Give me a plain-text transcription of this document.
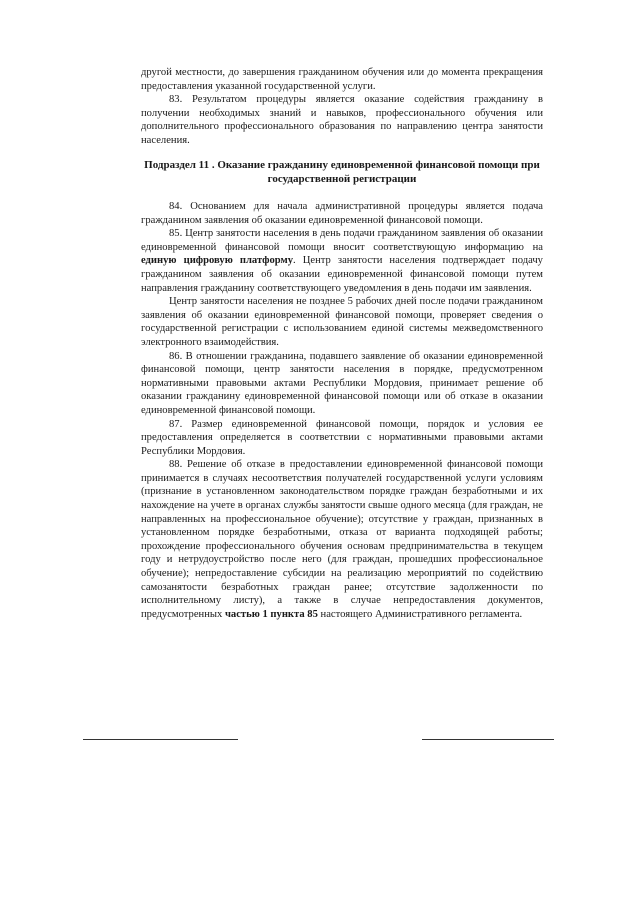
другой местности, до завершения гражданином обучения или до момента прекращения предоставления указанной государственной услуги.

83. Результатом процедуры является оказание содействия гражданину в получении необходимых знаний и навыков, профессионального обучения или дополнительного профессионального образования по направлению центра занятости населения.

Подраздел 11 . Оказание гражданину единовременной финансовой помощи при государственной регистрации

84. Основанием для начала административной процедуры является подача гражданином заявления об оказании единовременной финансовой помощи.

85. Центр занятости населения в день подачи гражданином заявления об оказании единовременной финансовой помощи вносит соответствующую информацию на единую цифровую платформу. Центр занятости населения подтверждает подачу гражданином заявления об оказании единовременной финансовой помощи путем направления гражданину соответствующего уведомления в день подачи им заявления.

Центр занятости населения не позднее 5 рабочих дней после подачи гражданином заявления об оказании единовременной финансовой помощи, проверяет сведения о государственной регистрации с использованием единой системы межведомственного электронного взаимодействия.

86. В отношении гражданина, подавшего заявление об оказании единовременной финансовой помощи, центр занятости населения в порядке, предусмотренном нормативными правовыми актами Республики Мордовия, принимает решение об оказании гражданину единовременной финансовой помощи или об отказе в оказании единовременной финансовой помощи.

87. Размер единовременной финансовой помощи, порядок и условия ее предоставления определяется в соответствии с нормативными правовыми актами Республики Мордовия.

88. Решение об отказе в предоставлении единовременной финансовой помощи принимается в случаях несоответствия получателей государственной услуги условиям (признание в установленном законодательством порядке граждан безработными и их нахождение на учете в органах службы занятости свыше одного месяца (для граждан, не направленных на профессиональное обучение); отсутствие у граждан, признанных в установленном порядке безработными, отказа от варианта подходящей работы; прохождение профессионального обучения основам предпринимательства в текущем году и нетрудоустройство после него (для граждан, прошедших профессиональное обучение); непредоставление субсидии на реализацию мероприятий по содействию самозанятости безработных граждан ранее; отсутствие задолженности по исполнительному листу), а также в случае непредоставления документов, предусмотренных частью 1 пункта 85 настоящего Административного регламента.
